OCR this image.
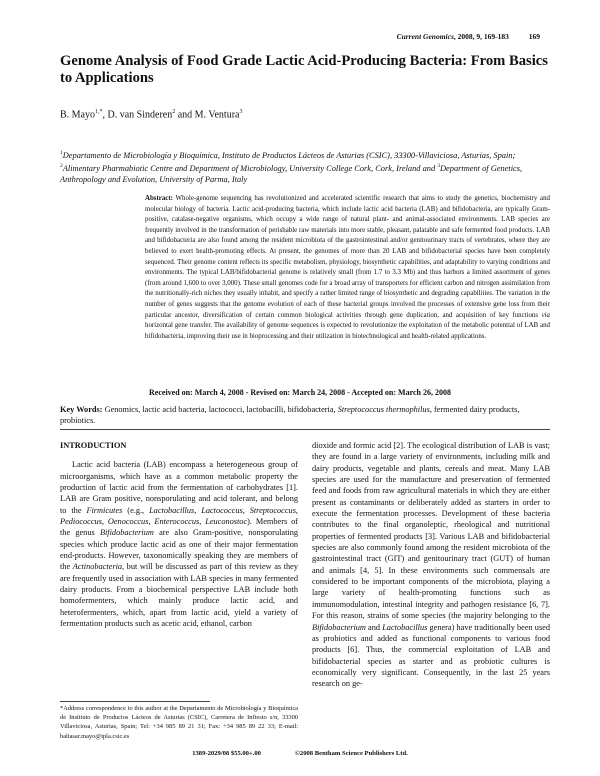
Current Genomics, 2008, 9, 169-183	169
Genome Analysis of Food Grade Lactic Acid-Producing Bacteria: From Basics to Applications
B. Mayo$^{1,*}$, D. van Sinderen$^2$ and M. Ventura$^3$
$^1$Departamento de Microbiología y Bioquímica, Instituto de Productos Lácteos de Asturias (CSIC), 33300-Villaviciosa, Asturias, Spain; $^2$Alimentary Pharmabiotic Centre and Department of Microbiology, University College Cork, Cork, Ireland and $^3$Department of Genetics, Anthropology and Evolution, University of Parma, Italy
Abstract: Whole-genome sequencing has revolutionized and accelerated scientific research that aims to study the genetics, biochemistry and molecular biology of bacteria. Lactic acid-producing bacteria, which include lactic acid bacteria (LAB) and bifidobacteria, are typically Gram-positive, catalase-negative organisms, which occupy a wide range of natural plant- and animal-associated environments. LAB species are frequently involved in the transformation of perishable raw materials into more stable, pleasant, palatable and safe fermented food products. LAB and bifidobacteria are also found among the resident microbiota of the gastrointestinal and/or genitourinary tracts of vertebrates, where they are believed to exert health-promoting effects. At present, the genomes of more than 20 LAB and bifidobacterial species have been completely sequenced. Their genome content reflects its specific metabolism, physiology, biosynthetic capabilities, and adaptability to varying conditions and environments. The typical LAB/bifidobacterial genome is relatively small (from 1.7 to 3.3 Mb) and thus harbors a limited assortment of genes (from around 1,600 to over 3,000). These small genomes code for a broad array of transporters for efficient carbon and nitrogen assimilation from the nutritionally-rich niches they usually inhabit, and specify a rather limited range of biosynthetic and degrading capabilities. The variation in the number of genes suggests that the genome evolution of each of these bacterial groups involved the processes of extensive gene loss from their particular ancestor, diversification of certain common biological activities through gene duplication, and acquisition of key functions via horizontal gene transfer. The availability of genome sequences is expected to revolutionize the exploitation of the metabolic potential of LAB and bifidobacteria, improving their use in bioprocessing and their utilization in biotechnological and health-related applications.
Received on: March 4, 2008 - Revised on: March 24, 2008 - Accepted on: March 26, 2008
Key Words: Genomics, lactic acid bacteria, lactococci, lactobacilli, bifidobacteria, Streptococcus thermophilus, fermented dairy products, probiotics.
INTRODUCTION
Lactic acid bacteria (LAB) encompass a heterogeneous group of microorganisms, which have as a common metabolic property the production of lactic acid from the fermentation of carbohydrates [1]. LAB are Gram positive, nonsporulating and acid tolerant, and belong to the Firmicutes (e.g., Lactobacillus, Lactococcus, Streptococcus, Pediococcus, Oenococcus, Enterococcus, Leuconostoc). Members of the genus Bifidobacterium are also Gram-positive, nonsporulating species which produce lactic acid as one of their major fermentation end-products. However, taxonomically speaking they are members of the Actinobacteria, but will be discussed as part of this review as they are frequently used in association with LAB species in many fermented dairy products. From a biochemical perspective LAB include both homofermenters, which mainly produce lactic acid, and heterofermenters, which, apart from lactic acid, yield a variety of fermentation products such as acetic acid, ethanol, carbon
dioxide and formic acid [2]. The ecological distribution of LAB is vast; they are found in a large variety of environments, including milk and dairy products, vegetable and plants, cereals and meat. Many LAB species are used for the manufacture and preservation of fermented feed and foods from raw agricultural materials in which they are either present as contaminants or deliberately added as starters in order to execute the fermentation processes. Development of these bacteria contributes to the final organoleptic, rheological and nutritional properties of fermented products [3]. Various LAB and bifidobacterial species are also commonly found among the resident microbiota of the gastrointestinal tract (GIT) and genitourinary tract (GUT) of human and animals [4, 5]. In these environments such commensals are considered to be important components of the microbiota, playing a large variety of health-promoting functions such as immunomodulation, intestinal integrity and pathogen resistance [6, 7]. For this reason, strains of some species (the majority belonging to the Bifidobacterium and Lactobacillus genera) have traditionally been used as probiotics and added as functional components to various food products [6]. Thus, the commercial exploitation of LAB and bifidobacterial species as starter and as probiotic cultures is economically very significant. Consequently, in the last 25 years research on ge-
*Address correspondence to this author at the Departamento de Microbiología y Bioquímica de Instituto de Productos Lácteos de Asturias (CSIC), Carretera de Infiesto s/n, 33300 Villaviciosa, Asturias, Spain; Tel: +34 985 89 21 31; Fax: +34 985 89 22 33; E-mail: baltasar.mayo@ipla.csic.es
1389-2029/08 $55.00+.00	©2008 Bentham Science Publishers Ltd.
